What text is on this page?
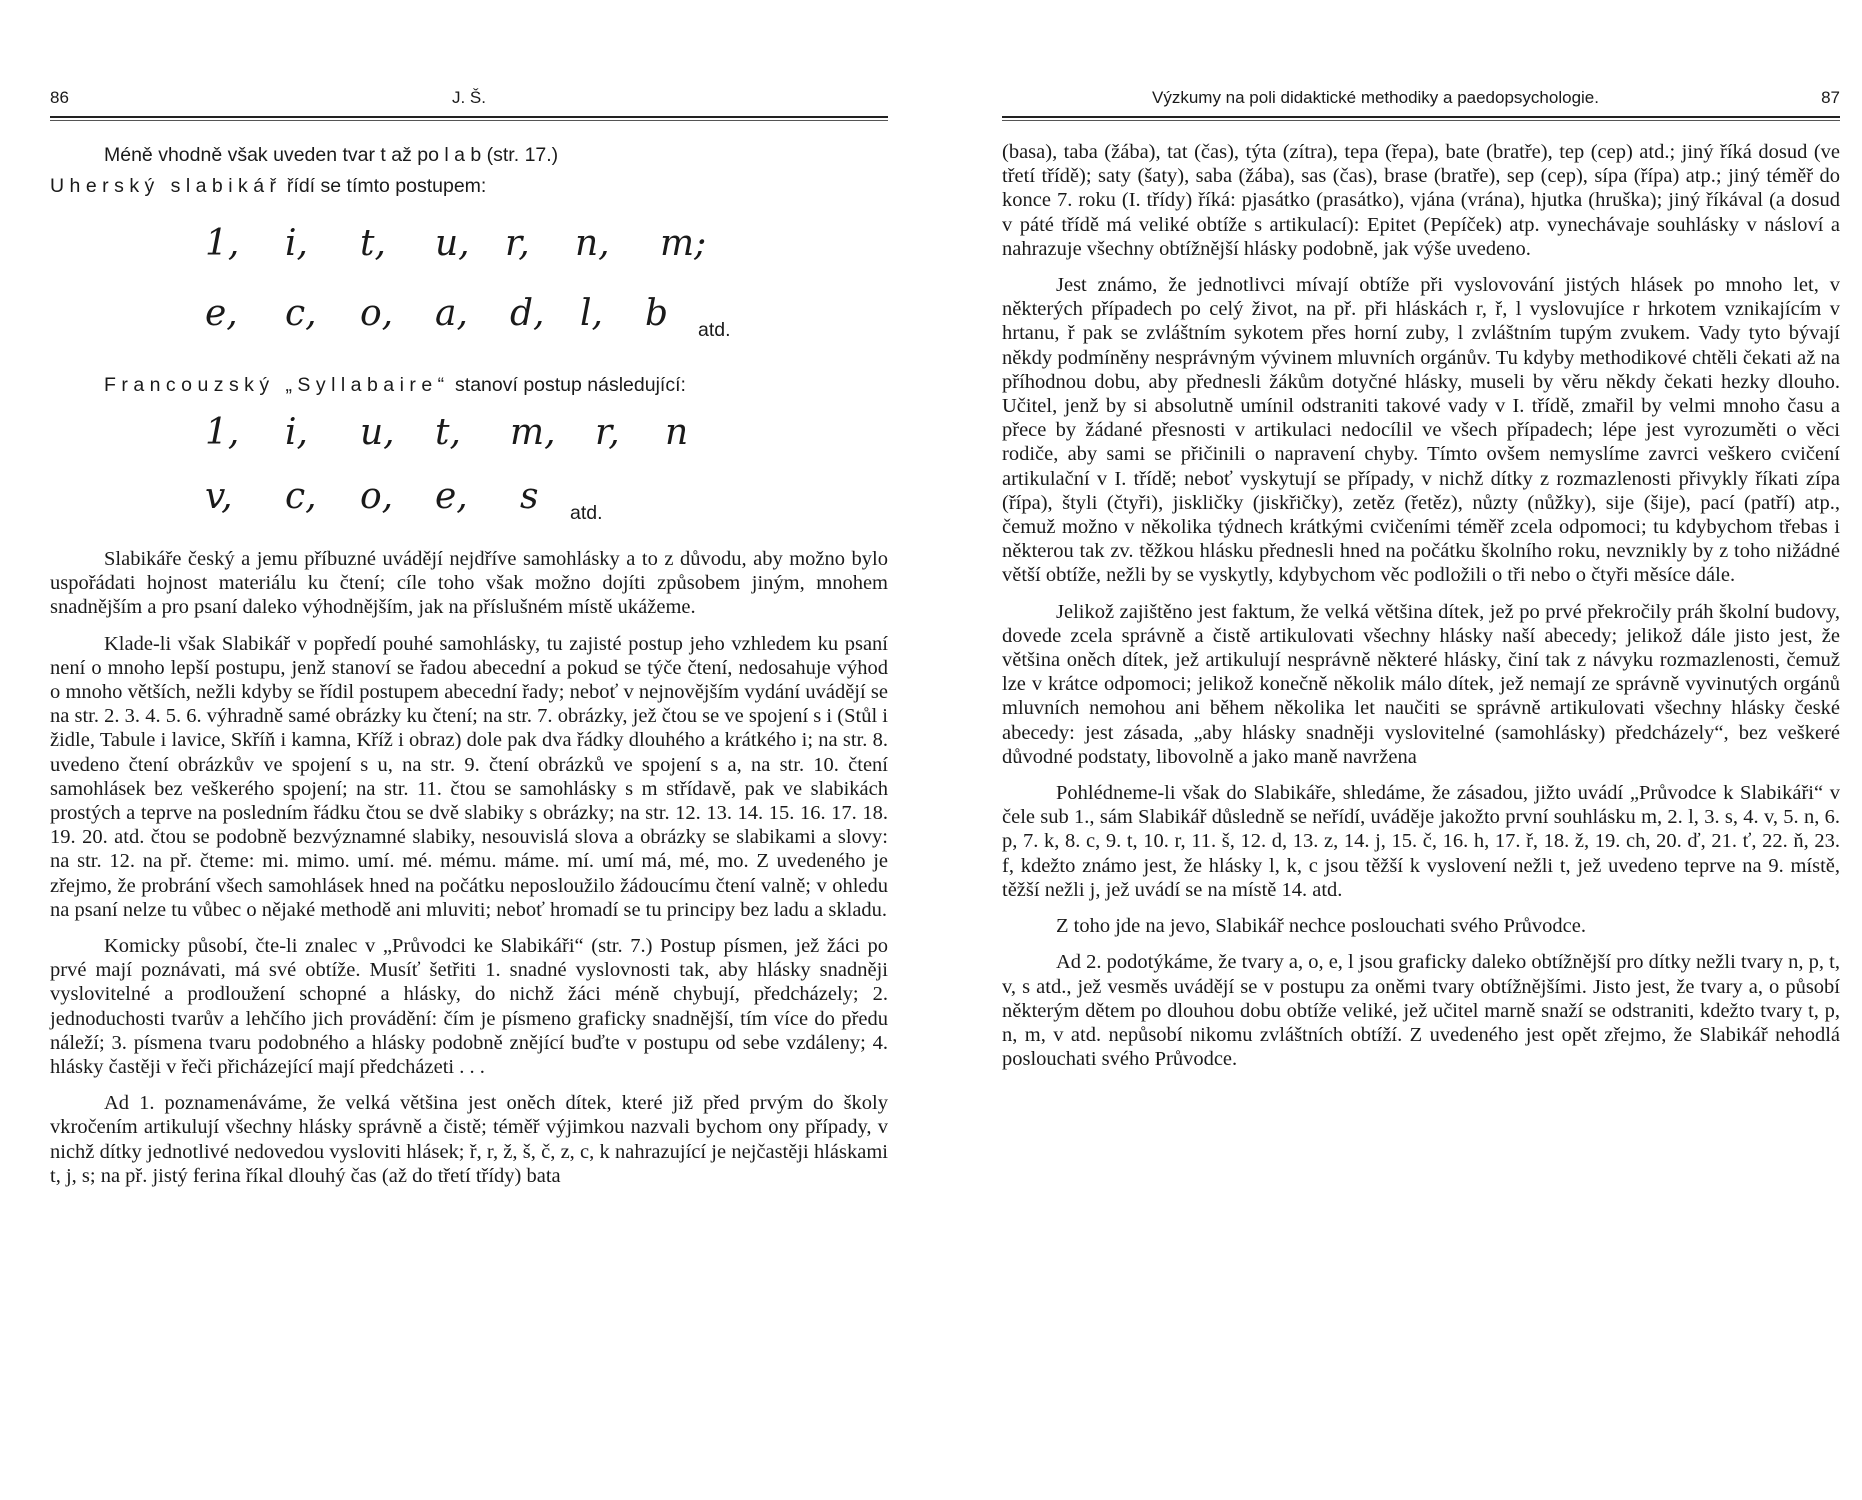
86	J. Š.

Méně vhodně však uveden tvar t až po l a b (str. 17.)
Uherský slabikář řídí se tímto postupem:

1, i, t, u, r, n, m;
e, c, o, a, d, l, b atd.

Francouzský „Syllabaire“ stanoví postup následující:

1, i, u, t, m, r, n
v, c, o, e, s atd.

Slabikáře český a jemu příbuzné uvádějí nejdříve samohlásky a to z důvodu, aby možno bylo uspořádati hojnost materiálu ku čtení; cíle toho však možno dojíti způsobem jiným, mnohem snadnějším a pro psaní daleko výhodnějším, jak na příslušném místě ukážeme.

Klade-li však Slabikář v popředí pouhé samohlásky, tu zajisté postup jeho vzhledem ku psaní není o mnoho lepší postupu, jenž stanoví se řadou abecední a pokud se týče čtení, nedosahuje výhod o mnoho větších, nežli kdyby se řídil postupem abecední řady; neboť v nejnovějším vydání uvádějí se na str. 2. 3. 4. 5. 6. výhradně samé obrázky ku čtení; na str. 7. obrázky, jež čtou se ve spojení s i (Stůl i židle, Tabule i lavice, Skříň i kamna, Kříž i obraz) dole pak dva řádky dlouhého a krátkého i; na str. 8. uvedeno čtení obrázkův ve spojení s u, na str. 9. čtení obrázků ve spojení s a, na str. 10. čtení samohlásek bez veškerého spojení; na str. 11. čtou se samohlásky s m střídavě, pak ve slabikách prostých a teprve na posledním řádku čtou se dvě slabiky s obrázky; na str. 12. 13. 14. 15. 16. 17. 18. 19. 20. atd. čtou se podobně bezvýznamné slabiky, nesouvislá slova a obrázky se slabikami a slovy: na str. 12. na př. čteme: mi. mimo. umí. mé. mému. máme. mí. umí má, mé, mo. Z uvedeného je zřejmo, že probrání všech samohlásek hned na počátku neposloužilo žádoucímu čtení valně; v ohledu na psaní nelze tu vůbec o nějaké methodě ani mluviti; neboť hromadí se tu principy bez ladu a skladu.

Komicky působí, čte-li znalec v „Průvodci ke Slabikáři“ (str. 7.) Postup písmen, jež žáci po prvé mají poznávati, má své obtíže. Musíť šetřiti 1. snadné vyslovnosti tak, aby hlásky snadněji vyslovitelné a prodloužení schopné a hlásky, do nichž žáci méně chybují, předcházely; 2. jednoduchosti tvarův a lehčího jich provádění: čím je písmeno graficky snadnější, tím více do předu náleží; 3. písmena tvaru podobného a hlásky podobně znějící buďte v postupu od sebe vzdáleny; 4. hlásky častěji v řeči přicházející mají předcházeti . . .

Ad 1. poznamenáváme, že velká většina jest oněch dítek, které již před prvým do školy vkročením artikulují všechny hlásky správně a čistě; téměř výjimkou nazvali bychom ony případy, v nichž dítky jednotlivé nedovedou vysloviti hlásek; ř, r, ž, š, č, z, c, k nahrazující je nejčastěji hláskami t, j, s; na př. jistý ferina říkal dlouhý čas (až do třetí třídy) bata

Výzkumy na poli didaktické methodiky a paedopsychologie.	87

(basa), taba (žába), tat (čas), týta (zítra), tepa (řepa), bate (bratře), tep (cep) atd.; jiný říká dosud (ve třetí třídě); saty (šaty), saba (žába), sas (čas), brase (bratře), sep (cep), sípa (řípa) atp.; jiný téměř do konce 7. roku (I. třídy) říká: pjasátko (prasátko), vjána (vrána), hjutka (hruška); jiný říkával (a dosud v páté třídě má veliké obtíže s artikulací): Epitet (Pepíček) atp. vynechávaje souhlásky v násloví a nahrazuje všechny obtížnější hlásky podobně, jak výše uvedeno.

Jest známo, že jednotlivci mívají obtíže při vyslovování jistých hlásek po mnoho let, v některých případech po celý život, na př. při hláskách r, ř, l vyslovujíce r hrkotem vznikajícím v hrtanu, ř pak se zvláštním sykotem přes horní zuby, l zvláštním tupým zvukem. Vady tyto bývají někdy podmíněny nesprávným vývinem mluvních orgánův. Tu kdyby methodikové chtěli čekati až na příhodnou dobu, aby přednesli žákům dotyčné hlásky, museli by věru někdy čekati hezky dlouho. Učitel, jenž by si absolutně umínil odstraniti takové vady v I. třídě, zmařil by velmi mnoho času a přece by žádané přesnosti v artikulaci nedocílil ve všech případech; lépe jest vyrozuměti o věci rodiče, aby sami se přičinili o napravení chyby. Tímto ovšem nemyslíme zavrci veškero cvičení artikulační v I. třídě; neboť vyskytují se případy, v nichž dítky z rozmazlenosti přivykly říkati zípa (řípa), štyli (čtyři), jiskličky (jiskřičky), zetěz (řetěz), nůzty (nůžky), sije (šije), pací (patří) atp., čemuž možno v několika týdnech krátkými cvičeními téměř zcela odpomoci; tu kdybychom třebas i některou tak zv. těžkou hlásku přednesli hned na počátku školního roku, nevznikly by z toho nižádné větší obtíže, nežli by se vyskytly, kdybychom věc podložili o tři nebo o čtyři měsíce dále.

Jelikož zajištěno jest faktum, že velká většina dítek, jež po prvé překročily práh školní budovy, dovede zcela správně a čistě artikulovati všechny hlásky naší abecedy; jelikož dále jisto jest, že většina oněch dítek, jež artikulují nesprávně některé hlásky, činí tak z návyku rozmazlenosti, čemuž lze v krátce odpomoci; jelikož konečně několik málo dítek, jež nemají ze správně vyvinutých orgánů mluvních nemohou ani během několika let naučiti se správně artikulovati všechny hlásky české abecedy: jest zásada, „aby hlásky snadněji vyslovitelné (samohlásky) předcházely“, bez veškeré důvodné podstaty, libovolně a jako maně navržena

Pohlédneme-li však do Slabikáře, shledáme, že zásadou, jižto uvádí „Průvodce k Slabikáři“ v čele sub 1., sám Slabikář důsledně se neřídí, uváděje jakožto první souhlásku m, 2. l, 3. s, 4. v, 5. n, 6. p, 7. k, 8. c, 9. t, 10. r, 11. š, 12. d, 13. z, 14. j, 15. č, 16. h, 17. ř, 18. ž, 19. ch, 20. ď, 21. ť, 22. ň, 23. f, kdežto známo jest, že hlásky l, k, c jsou těžší k vyslovení nežli t, jež uvedeno teprve na 9. místě, těžší nežli j, jež uvádí se na místě 14. atd.

Z toho jde na jevo, Slabikář nechce poslouchati svého Průvodce.

Ad 2. podotýkáme, že tvary a, o, e, l jsou graficky daleko obtížnější pro dítky nežli tvary n, p, t, v, s atd., jež vesměs uvádějí se v postupu za oněmi tvary obtížnějšími. Jisto jest, že tvary a, o působí některým dětem po dlouhou dobu obtíže veliké, jež učitel marně snaží se odstraniti, kdežto tvary t, p, n, m, v atd. nepůsobí nikomu zvláštních obtíží. Z uvedeného jest opět zřejmo, že Slabikář nehodlá poslouchati svého Průvodce.
